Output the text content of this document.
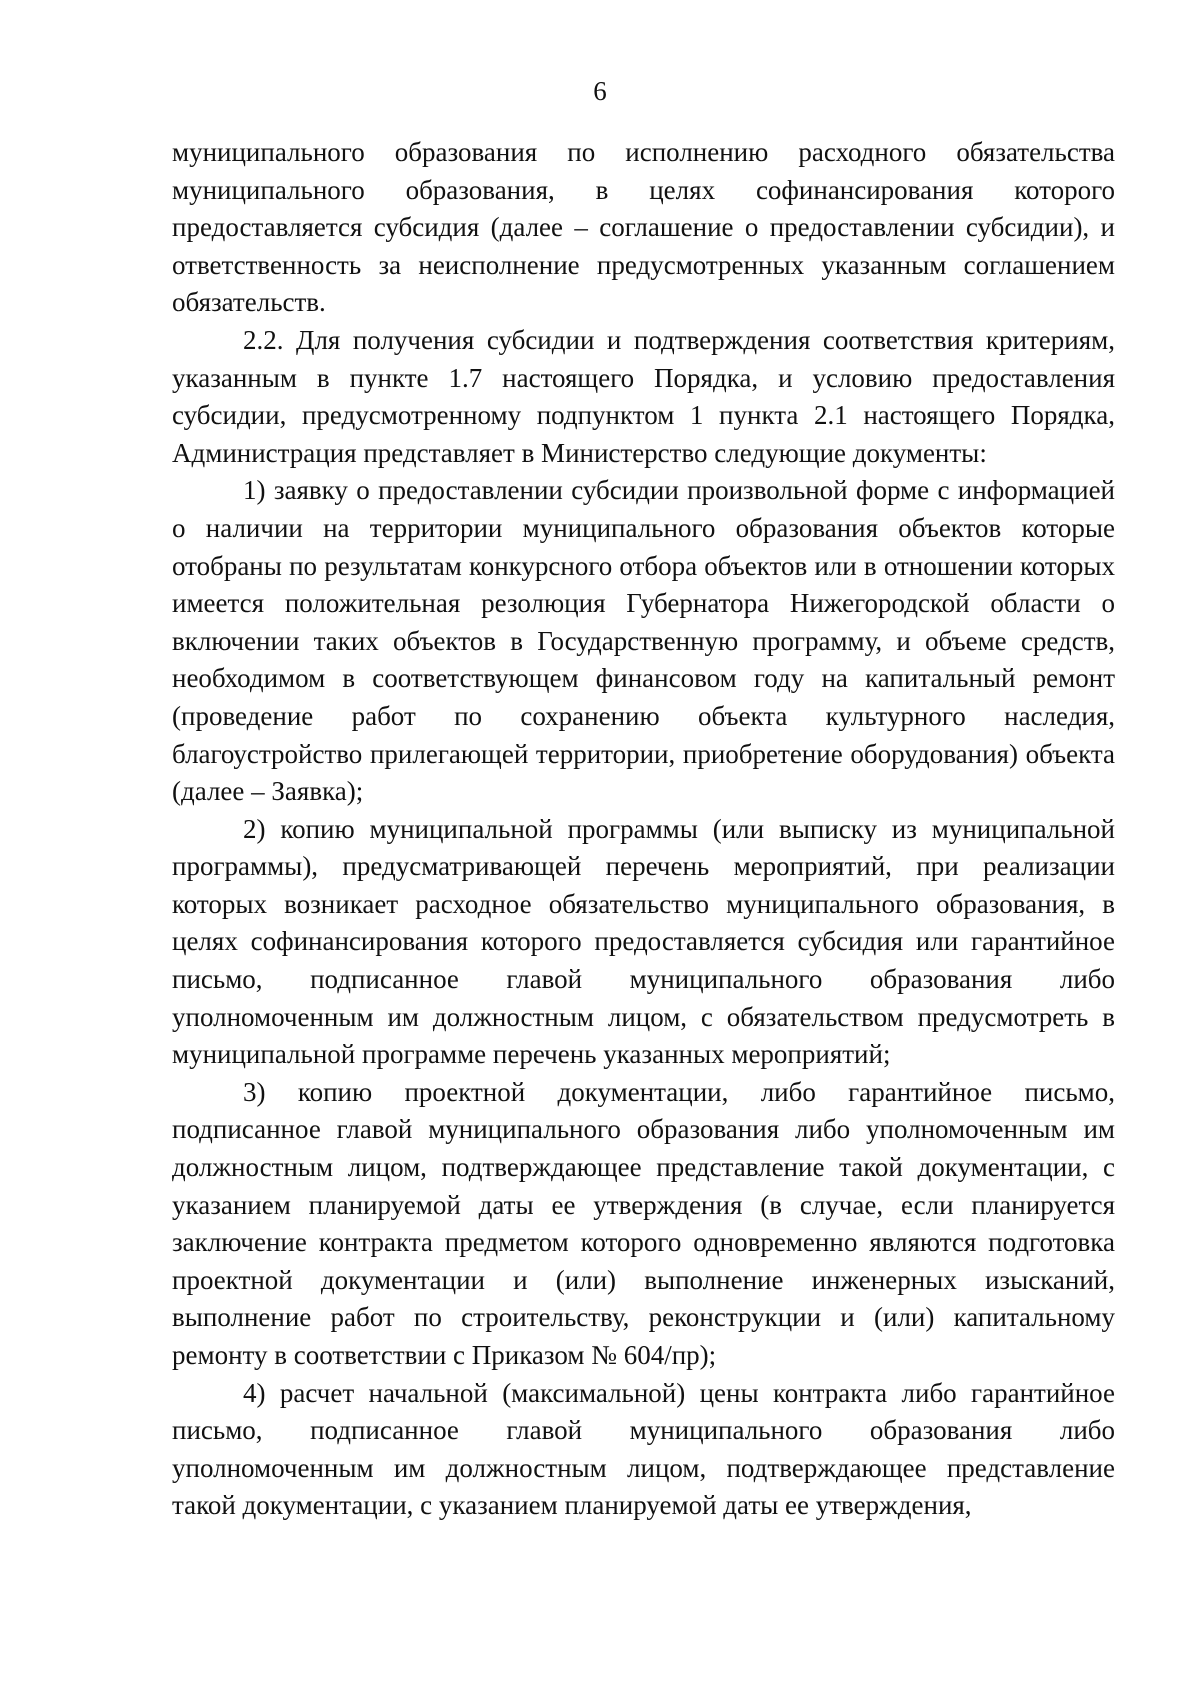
6

муниципального образования по исполнению расходного обязательства муниципального образования, в целях софинансирования которого предоставляется субсидия (далее – соглашение о предоставлении субсидии), и ответственность за неисполнение предусмотренных указанным соглашением обязательств.

2.2. Для получения субсидии и подтверждения соответствия критериям, указанным в пункте 1.7 настоящего Порядка, и условию предоставления субсидии, предусмотренному подпунктом 1 пункта 2.1 настоящего Порядка, Администрация представляет в Министерство следующие документы:

1) заявку о предоставлении субсидии произвольной форме с информацией о наличии на территории муниципального образования объектов которые отобраны по результатам конкурсного отбора объектов или в отношении которых имеется положительная резолюция Губернатора Нижегородской области о включении таких объектов в Государственную программу, и объеме средств, необходимом в соответствующем финансовом году на капитальный ремонт (проведение работ по сохранению объекта культурного наследия, благоустройство прилегающей территории, приобретение оборудования) объекта (далее – Заявка);

2) копию муниципальной программы (или выписку из муниципальной программы), предусматривающей перечень мероприятий, при реализации которых возникает расходное обязательство муниципального образования, в целях софинансирования которого предоставляется субсидия или гарантийное письмо, подписанное главой муниципального образования либо уполномоченным им должностным лицом, с обязательством предусмотреть в муниципальной программе перечень указанных мероприятий;

3) копию проектной документации, либо гарантийное письмо, подписанное главой муниципального образования либо уполномоченным им должностным лицом, подтверждающее представление такой документации, с указанием планируемой даты ее утверждения (в случае, если планируется заключение контракта предметом которого одновременно являются подготовка проектной документации и (или) выполнение инженерных изысканий, выполнение работ по строительству, реконструкции и (или) капитальному ремонту в соответствии с Приказом № 604/пр);

4) расчет начальной (максимальной) цены контракта либо гарантийное письмо, подписанное главой муниципального образования либо уполномоченным им должностным лицом, подтверждающее представление такой документации, с указанием планируемой даты ее утверждения,
